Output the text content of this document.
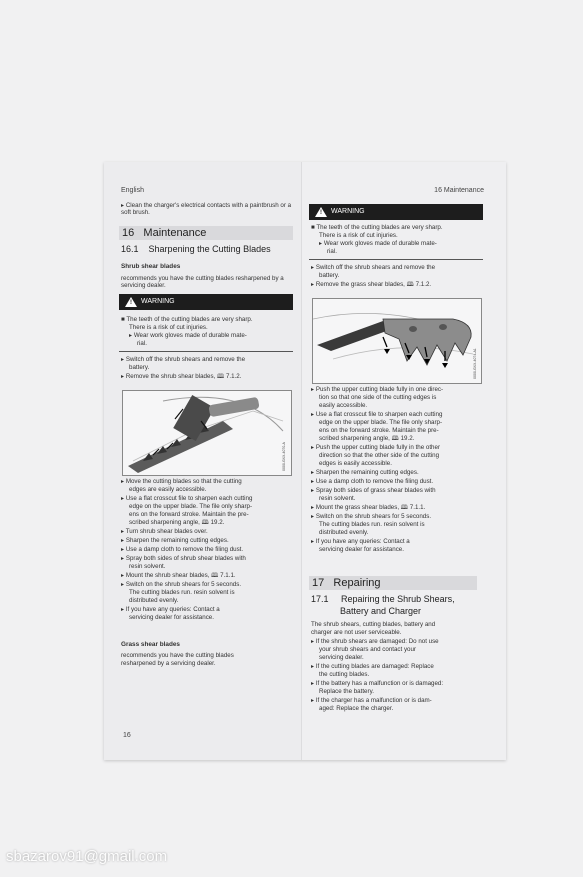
English
▸ Clean the charger's electrical contacts with a paintbrush or a soft brush.
16 Maintenance
16.1 Sharpening the Cutting Blades
Shrub shear blades
recommends you have the cutting blades resharpened by a servicing dealer.
! WARNING
■ The teeth of the cutting blades are very sharp.
There is a risk of cut injuries.
▸ Wear work gloves made of durable mate-
rial.
▸ Switch off the shrub shears and remove the
battery.
▸ Remove the shrub shear blades, 🕮 7.1.2.
0000-GXX-4070-A
▸ Move the cutting blades so that the cutting
edges are easily accessible.
▸ Use a flat crosscut file to sharpen each cutting
edge on the upper blade. The file only sharp-
ens on the forward stroke. Maintain the pre-
scribed sharpening angle, 🕮 19.2.
▸ Turn shrub shear blades over.
▸ Sharpen the remaining cutting edges.
▸ Use a damp cloth to remove the filing dust.
▸ Spray both sides of shrub shear blades with
resin solvent.
▸ Mount the shrub shear blades, 🕮 7.1.1.
▸ Switch on the shrub shears for 5 seconds.
The cutting blades run. resin solvent is
distributed evenly.
▸ If you have any queries: Contact a
servicing dealer for assistance.
Grass shear blades
recommends you have the cutting blades
resharpened by a servicing dealer.
16
16 Maintenance
! WARNING
■ The teeth of the cutting blades are very sharp.
There is a risk of cut injuries.
▸ Wear work gloves made of durable mate-
rial.
▸ Switch off the shrub shears and remove the
battery.
▸ Remove the grass shear blades, 🕮 7.1.2.
0000-GXX-4074-A1
▸ Push the upper cutting blade fully in one direc-
tion so that one side of the cutting edges is
easily accessible.
▸ Use a flat crosscut file to sharpen each cutting
edge on the upper blade. The file only sharp-
ens on the forward stroke. Maintain the pre-
scribed sharpening angle, 🕮 19.2.
▸ Push the upper cutting blade fully in the other
direction so that the other side of the cutting
edges is easily accessible.
▸ Sharpen the remaining cutting edges.
▸ Use a damp cloth to remove the filing dust.
▸ Spray both sides of grass shear blades with
resin solvent.
▸ Mount the grass shear blades, 🕮 7.1.1.
▸ Switch on the shrub shears for 5 seconds.
The cutting blades run. resin solvent is
distributed evenly.
▸ If you have any queries: Contact a
servicing dealer for assistance.
17 Repairing
17.1 Repairing the Shrub Shears,
Battery and Charger
The shrub shears, cutting blades, battery and
charger are not user serviceable.
▸ If the shrub shears are damaged: Do not use
your shrub shears and contact your
servicing dealer.
▸ If the cutting blades are damaged: Replace
the cutting blades.
▸ If the battery has a malfunction or is damaged:
Replace the battery.
▸ If the charger has a malfunction or is dam-
aged: Replace the charger.
sbazarov91@gmail.com
